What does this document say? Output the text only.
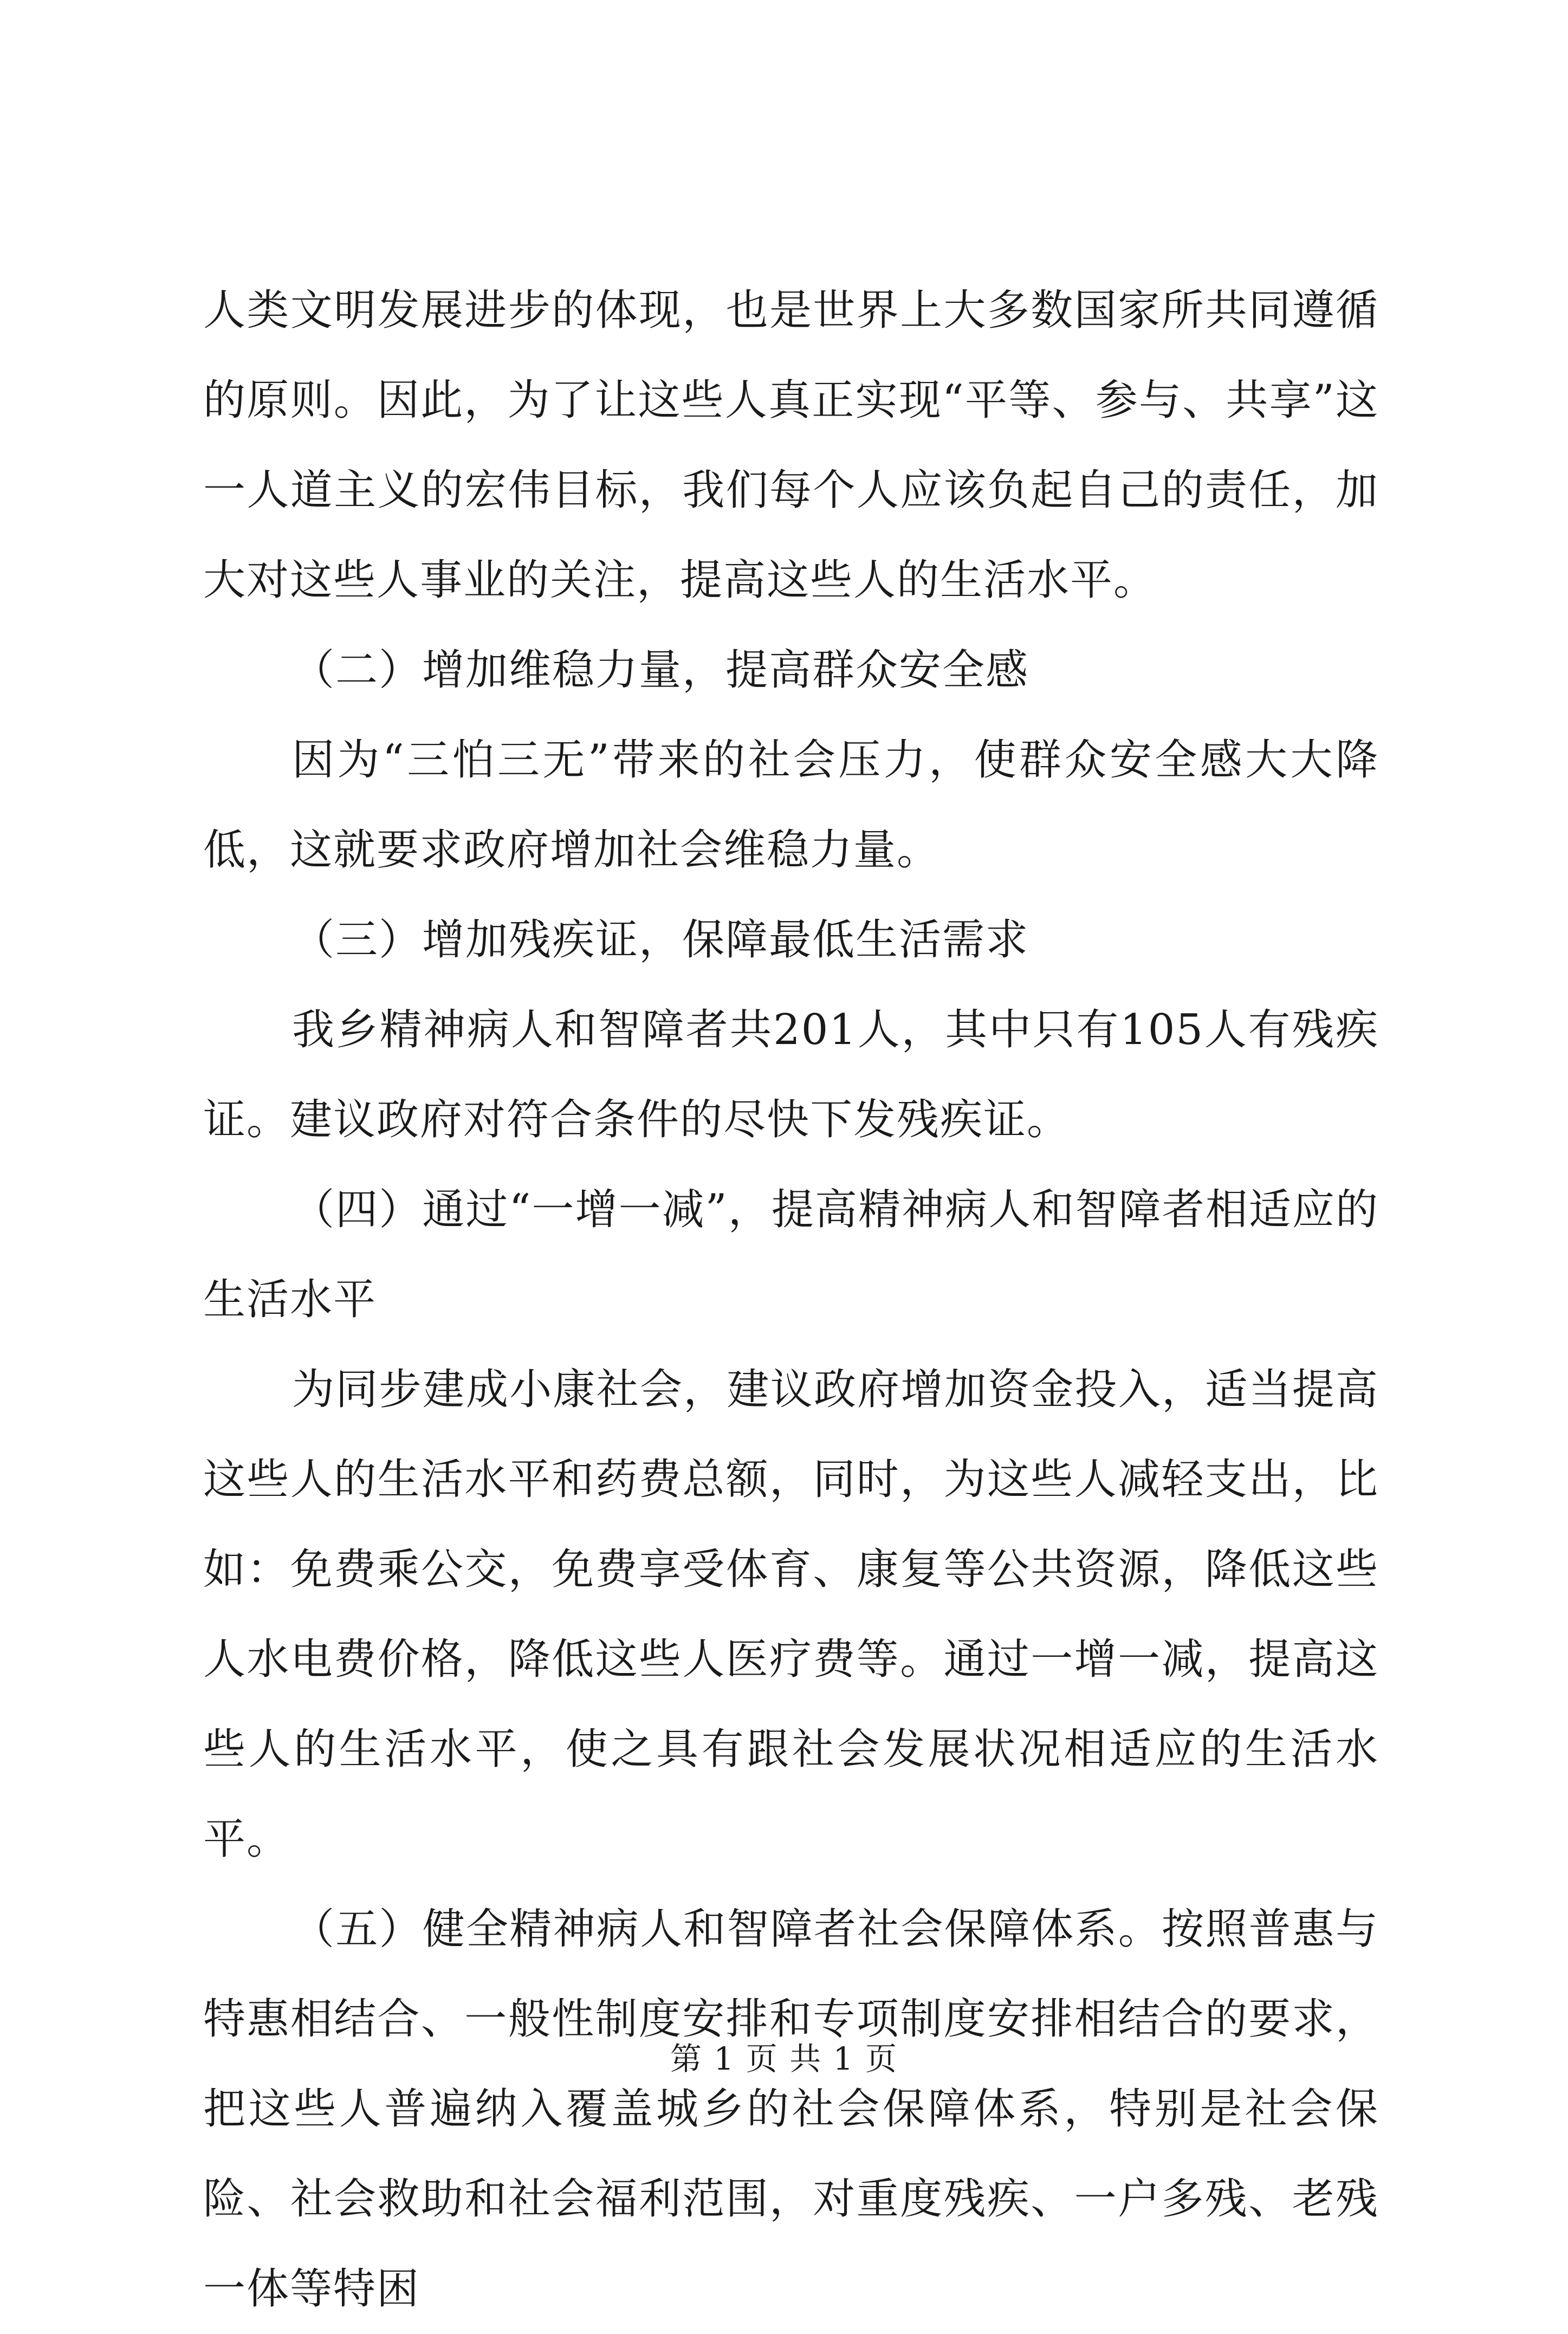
人类文明发展进步的体现，也是世界上大多数国家所共同遵循的原则。因此，为了让这些人真正实现“平等、参与、共享”这一人道主义的宏伟目标，我们每个人应该负起自己的责任，加大对这些人事业的关注，提高这些人的生活水平。

（二）增加维稳力量，提高群众安全感

因为“三怕三无”带来的社会压力，使群众安全感大大降低，这就要求政府增加社会维稳力量。

（三）增加残疾证，保障最低生活需求

我乡精神病人和智障者共201人，其中只有105人有残疾证。建议政府对符合条件的尽快下发残疾证。

（四）通过“一增一减”，提高精神病人和智障者相适应的生活水平

为同步建成小康社会，建议政府增加资金投入，适当提高这些人的生活水平和药费总额，同时，为这些人减轻支出，比如：免费乘公交，免费享受体育、康复等公共资源，降低这些人水电费价格，降低这些人医疗费等。通过一增一减，提高这些人的生活水平，使之具有跟社会发展状况相适应的生活水平。

（五）健全精神病人和智障者社会保障体系。按照普惠与特惠相结合、一般性制度安排和专项制度安排相结合的要求，把这些人普遍纳入覆盖城乡的社会保障体系，特别是社会保险、社会救助和社会福利范围，对重度残疾、一户多残、老残一体等特困

第 1 页 共 1 页
